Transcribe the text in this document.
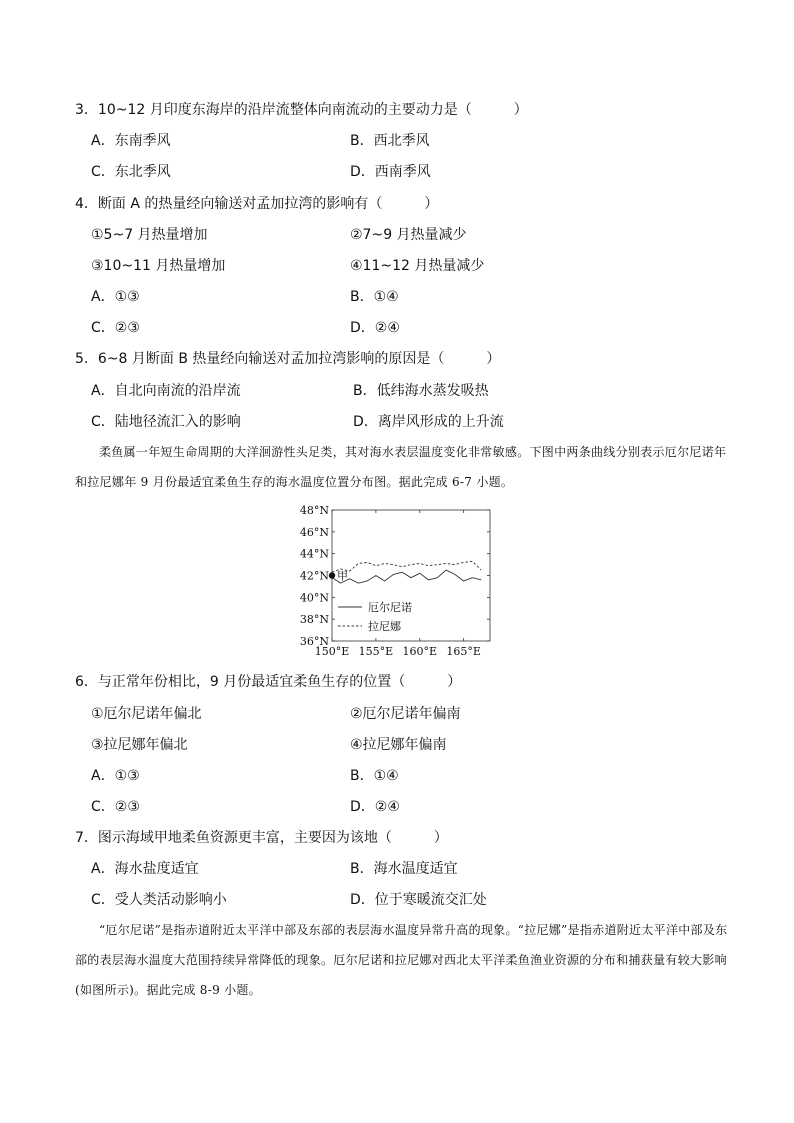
3．10~12 月印度东海岸的沿岸流整体向南流动的主要动力是（　　　）
A．东南季风	B．西北季风
C．东北季风	D．西南季风
4．断面 A 的热量经向输送对孟加拉湾的影响有（　　　）
①5~7 月热量增加	②7~9 月热量减少
③10~11 月热量增加	④11~12 月热量减少
A．①③	B．①④
C．②③	D．②④
5．6~8 月断面 B 热量经向输送对孟加拉湾影响的原因是（　　　）
A．自北向南流的沿岸流	B．低纬海水蒸发吸热
C．陆地径流汇入的影响	D．离岸风形成的上升流

柔鱼属一年短生命周期的大洋洄游性头足类，其对海水表层温度变化非常敏感。下图中两条曲线分别表示厄尔尼诺年和拉尼娜年 9 月份最适宜柔鱼生存的海水温度位置分布图。据此完成 6-7 小题。

36°N
38°N
40°N
42°N
44°N
46°N
48°N
150°E 155°E 160°E 165°E
甲
厄尔尼诺
拉尼娜
6．与正常年份相比，9 月份最适宜柔鱼生存的位置（　　　）
①厄尔尼诺年偏北	②厄尔尼诺年偏南
③拉尼娜年偏北	④拉尼娜年偏南
A．①③	B．①④
C．②③	D．②④
7．图示海域甲地柔鱼资源更丰富，主要因为该地（　　　）
A．海水盐度适宜	B．海水温度适宜
C．受人类活动影响小	D．位于寒暖流交汇处

“厄尔尼诺”是指赤道附近太平洋中部及东部的表层海水温度异常升高的现象。“拉尼娜”是指赤道附近太平洋中部及东部的表层海水温度大范围持续异常降低的现象。厄尔尼诺和拉尼娜对西北太平洋柔鱼渔业资源的分布和捕获量有较大影响(如图所示)。据此完成 8-9 小题。
